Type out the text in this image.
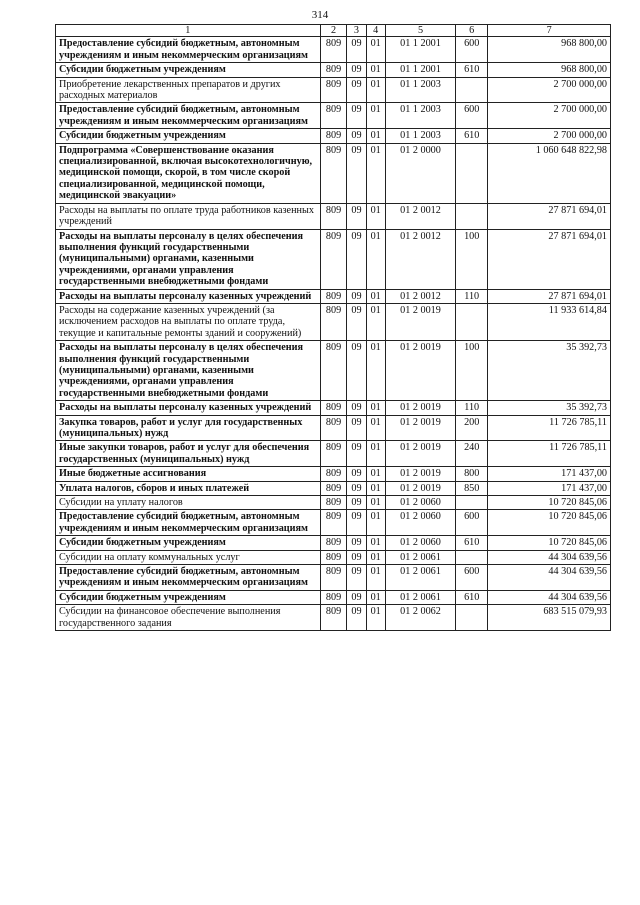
314
1	2	3	4	5	6	7
Предоставление субсидий бюджетным, автономным учреждениям и иным некоммерческим организациям	809	09	01	01 1 2001	600	968 800,00
Субсидии бюджетным учреждениям	809	09	01	01 1 2001	610	968 800,00
Приобретение лекарственных препаратов и других расходных материалов	809	09	01	01 1 2003		2 700 000,00
Предоставление субсидий бюджетным, автономным учреждениям и иным некоммерческим организациям	809	09	01	01 1 2003	600	2 700 000,00
Субсидии бюджетным учреждениям	809	09	01	01 1 2003	610	2 700 000,00
Подпрограмма «Совершенствование оказания специализированной, включая высокотехнологичную, медицинской помощи, скорой, в том числе скорой специализированной, медицинской помощи, медицинской эвакуации»	809	09	01	01 2 0000		1 060 648 822,98
Расходы на выплаты по оплате труда работников казенных учреждений	809	09	01	01 2 0012		27 871 694,01
Расходы на выплаты персоналу в целях обеспечения выполнения функций государственными (муниципальными) органами, казенными учреждениями, органами управления государственными внебюджетными фондами	809	09	01	01 2 0012	100	27 871 694,01
Расходы на выплаты персоналу казенных учреждений	809	09	01	01 2 0012	110	27 871 694,01
Расходы на содержание казенных учреждений (за исключением расходов на выплаты по оплате труда, текущие и капитальные ремонты зданий и сооружений)	809	09	01	01 2 0019		11 933 614,84
Расходы на выплаты персоналу в целях обеспечения выполнения функций государственными (муниципальными) органами, казенными учреждениями, органами управления государственными внебюджетными фондами	809	09	01	01 2 0019	100	35 392,73
Расходы на выплаты персоналу казенных учреждений	809	09	01	01 2 0019	110	35 392,73
Закупка товаров, работ и услуг для государственных (муниципальных) нужд	809	09	01	01 2 0019	200	11 726 785,11
Иные закупки товаров, работ и услуг для обеспечения государственных (муниципальных) нужд	809	09	01	01 2 0019	240	11 726 785,11
Иные бюджетные ассигнования	809	09	01	01 2 0019	800	171 437,00
Уплата налогов, сборов и иных платежей	809	09	01	01 2 0019	850	171 437,00
Субсидии на уплату налогов	809	09	01	01 2 0060		10 720 845,06
Предоставление субсидий бюджетным, автономным учреждениям и иным некоммерческим организациям	809	09	01	01 2 0060	600	10 720 845,06
Субсидии бюджетным учреждениям	809	09	01	01 2 0060	610	10 720 845,06
Субсидии на оплату коммунальных услуг	809	09	01	01 2 0061		44 304 639,56
Предоставление субсидий бюджетным, автономным учреждениям и иным некоммерческим организациям	809	09	01	01 2 0061	600	44 304 639,56
Субсидии бюджетным учреждениям	809	09	01	01 2 0061	610	44 304 639,56
Субсидии на финансовое обеспечение выполнения государственного задания	809	09	01	01 2 0062		683 515 079,93
